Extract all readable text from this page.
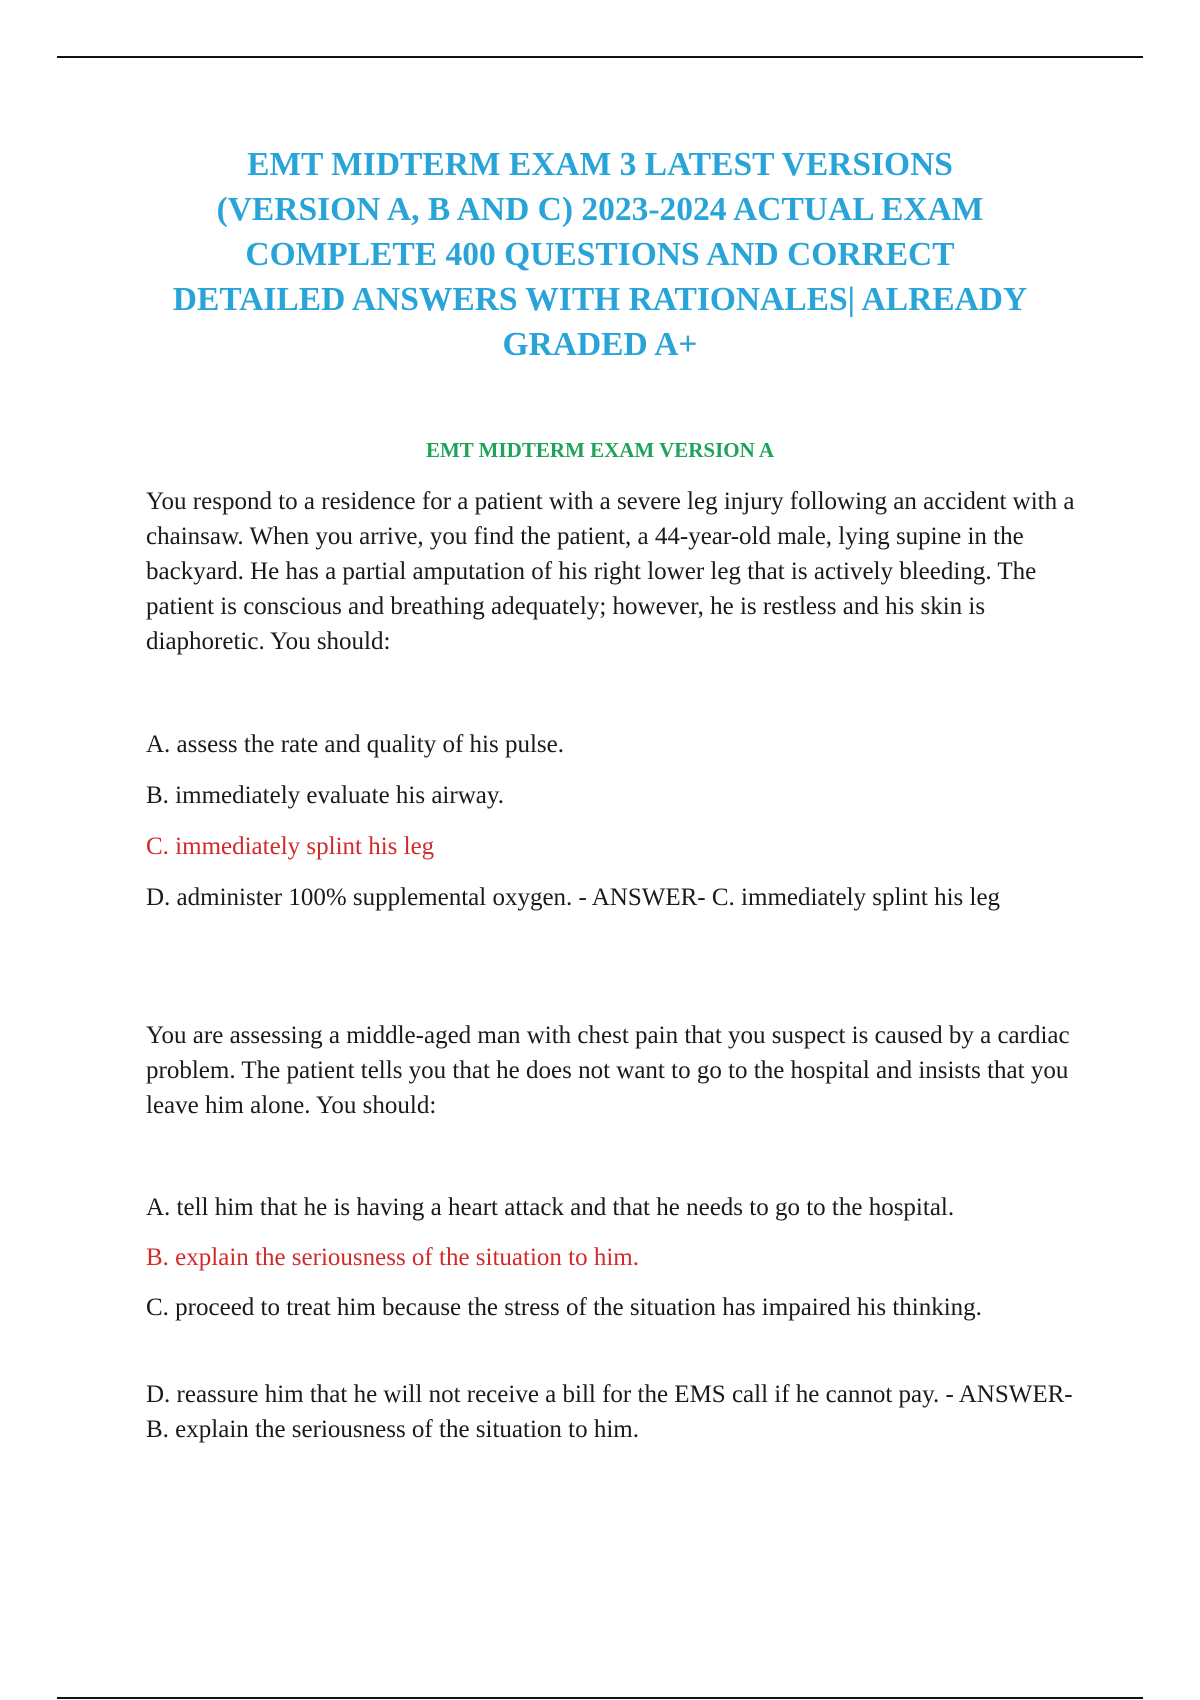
EMT MIDTERM EXAM 3 LATEST VERSIONS
(VERSION A, B AND C) 2023-2024 ACTUAL EXAM
COMPLETE 400 QUESTIONS AND CORRECT
DETAILED ANSWERS WITH RATIONALES| ALREADY
GRADED A+
EMT MIDTERM EXAM VERSION A

You respond to a residence for a patient with a severe leg injury following an accident with a chainsaw. When you arrive, you find the patient, a 44-year-old male, lying supine in the backyard. He has a partial amputation of his right lower leg that is actively bleeding. The patient is conscious and breathing adequately; however, he is restless and his skin is diaphoretic. You should:

A. assess the rate and quality of his pulse.

B. immediately evaluate his airway.

C. immediately splint his leg

D. administer 100% supplemental oxygen. - ANSWER- C. immediately splint his leg

You are assessing a middle-aged man with chest pain that you suspect is caused by a cardiac problem. The patient tells you that he does not want to go to the hospital and insists that you leave him alone. You should:

A. tell him that he is having a heart attack and that he needs to go to the hospital.

B. explain the seriousness of the situation to him.

C. proceed to treat him because the stress of the situation has impaired his thinking.

D. reassure him that he will not receive a bill for the EMS call if he cannot pay. - ANSWER- B. explain the seriousness of the situation to him.
